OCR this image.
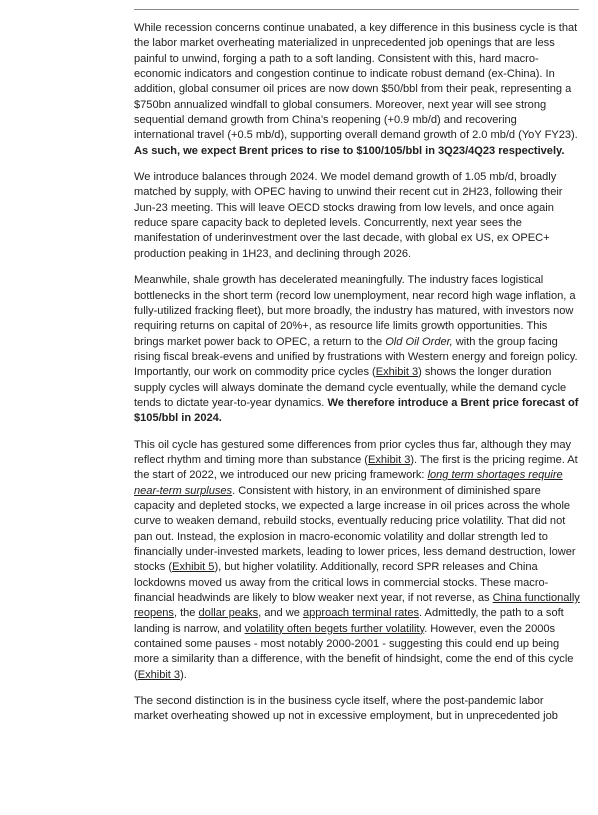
While recession concerns continue unabated, a key difference in this business cycle is that the labor market overheating materialized in unprecedented job openings that are less painful to unwind, forging a path to a soft landing. Consistent with this, hard macro-economic indicators and congestion continue to indicate robust demand (ex-China). In addition, global consumer oil prices are now down $50/bbl from their peak, representing a $750bn annualized windfall to global consumers. Moreover, next year will see strong sequential demand growth from China’s reopening (+0.9 mb/d) and recovering international travel (+0.5 mb/d), supporting overall demand growth of 2.0 mb/d (YoY FY23). As such, we expect Brent prices to rise to $100/105/bbl in 3Q23/4Q23 respectively.

We introduce balances through 2024. We model demand growth of 1.05 mb/d, broadly matched by supply, with OPEC having to unwind their recent cut in 2H23, following their Jun-23 meeting. This will leave OECD stocks drawing from low levels, and once again reduce spare capacity back to depleted levels. Concurrently, next year sees the manifestation of underinvestment over the last decade, with global ex US, ex OPEC+ production peaking in 1H23, and declining through 2026.

Meanwhile, shale growth has decelerated meaningfully. The industry faces logistical bottlenecks in the short term (record low unemployment, near record high wage inflation, a fully-utilized fracking fleet), but more broadly, the industry has matured, with investors now requiring returns on capital of 20%+, as resource life limits growth opportunities. This brings market power back to OPEC, a return to the Old Oil Order, with the group facing rising fiscal break-evens and unified by frustrations with Western energy and foreign policy. Importantly, our work on commodity price cycles (Exhibit 3) shows the longer duration supply cycles will always dominate the demand cycle eventually, while the demand cycle tends to dictate year-to-year dynamics. We therefore introduce a Brent price forecast of $105/bbl in 2024.

This oil cycle has gestured some differences from prior cycles thus far, although they may reflect rhythm and timing more than substance (Exhibit 3). The first is the pricing regime. At the start of 2022, we introduced our new pricing framework: long term shortages require near-term surpluses. Consistent with history, in an environment of diminished spare capacity and depleted stocks, we expected a large increase in oil prices across the whole curve to weaken demand, rebuild stocks, eventually reducing price volatility. That did not pan out. Instead, the explosion in macro-economic volatility and dollar strength led to financially under-invested markets, leading to lower prices, less demand destruction, lower stocks (Exhibit 5), but higher volatility. Additionally, record SPR releases and China lockdowns moved us away from the critical lows in commercial stocks. These macro-financial headwinds are likely to blow weaker next year, if not reverse, as China functionally reopens, the dollar peaks, and we approach terminal rates. Admittedly, the path to a soft landing is narrow, and volatility often begets further volatility. However, even the 2000s contained some pauses - most notably 2000-2001 - suggesting this could end up being more a similarity than a difference, with the benefit of hindsight, come the end of this cycle (Exhibit 3).

The second distinction is in the business cycle itself, where the post-pandemic labor market overheating showed up not in excessive employment, but in unprecedented job
